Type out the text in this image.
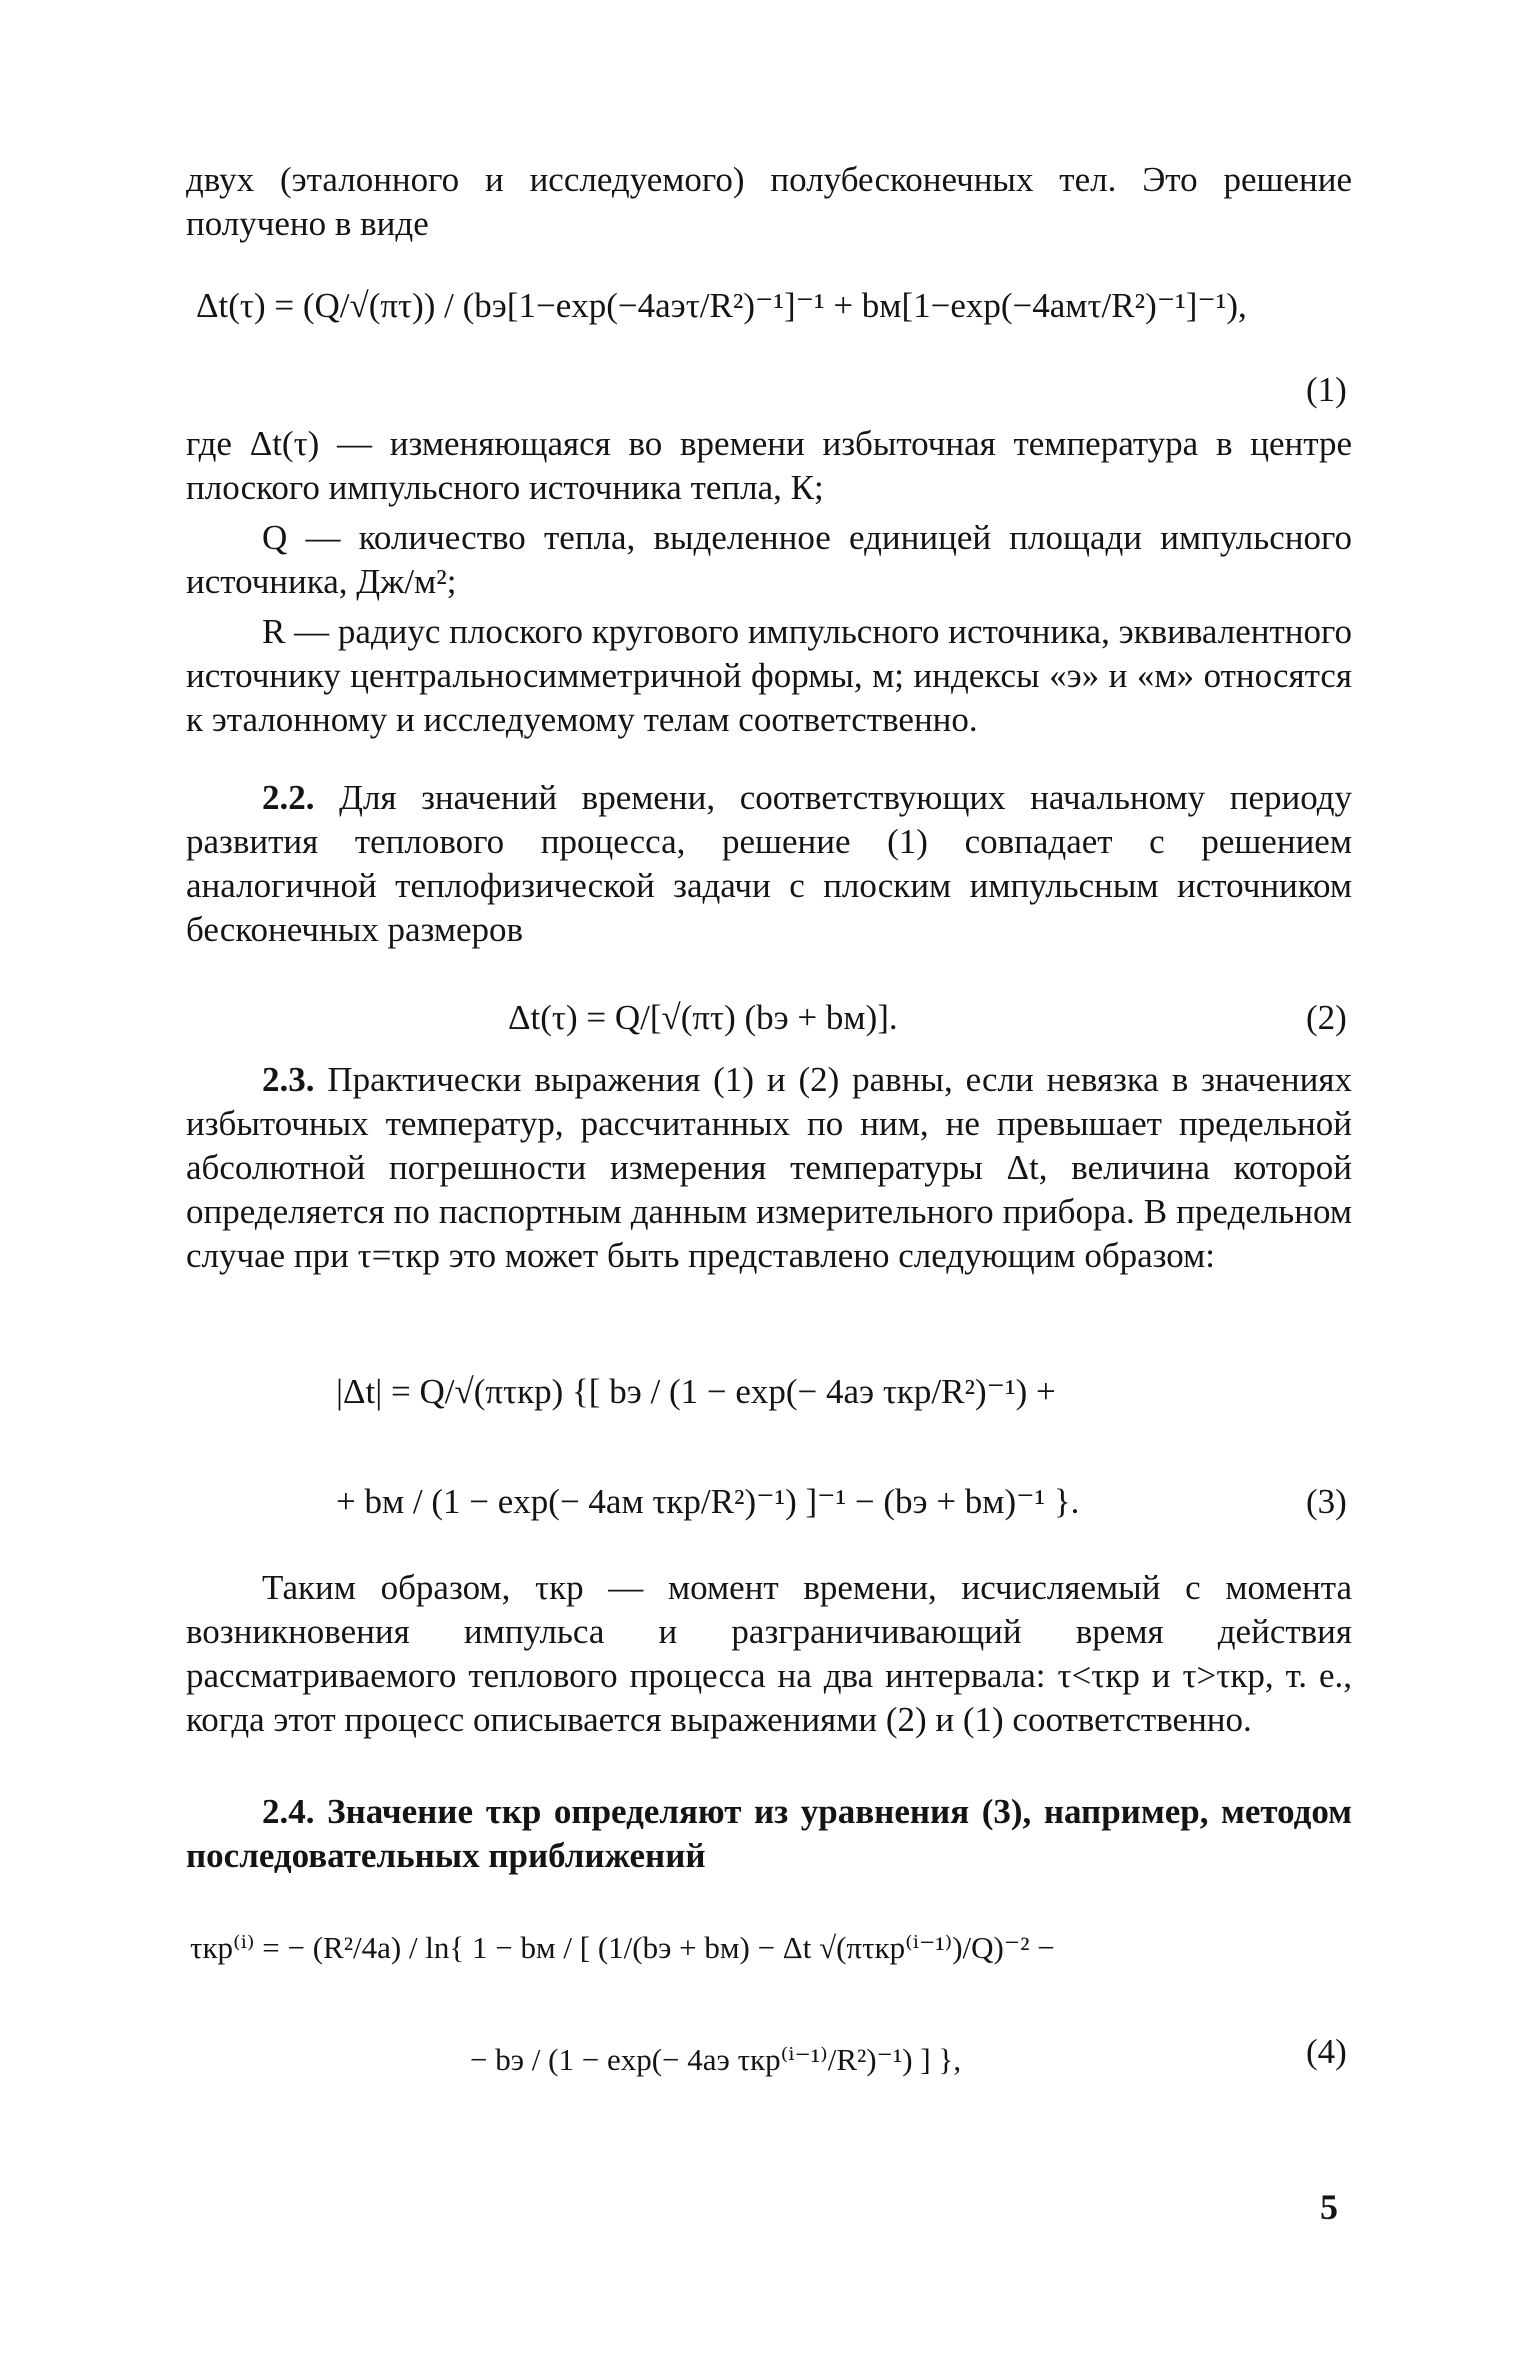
двух (эталонного и исследуемого) полубесконечных тел. Это решение получено в виде

Δt(τ) = (Q/√(πτ)) / (bэ[1−exp(−4aэτ/R²)⁻¹]⁻¹ + bм[1−exp(−4aмτ/R²)⁻¹]⁻¹),
(1)

где Δt(τ) — изменяющаяся во времени избыточная температура в центре плоского импульсного источника тепла, К;

Q — количество тепла, выделенное единицей площади импульсного источника, Дж/м²;

R — радиус плоского кругового импульсного источника, эквивалентного источнику центральносимметричной формы, м; индексы «э» и «м» относятся к эталонному и исследуемому телам соответственно.

2.2. Для значений времени, соответствующих начальному периоду развития теплового процесса, решение (1) совпадает с решением аналогичной теплофизической задачи с плоским импульсным источником бесконечных размеров

Δt(τ) = Q/[√(πτ) (bэ + bм)].	(2)

2.3. Практически выражения (1) и (2) равны, если невязка в значениях избыточных температур, рассчитанных по ним, не превышает предельной абсолютной погрешности измерения температуры Δt, величина которой определяется по паспортным данным измерительного прибора. В предельном случае при τ=τкр это может быть представлено следующим образом:

|Δt| = Q/√(πτкр) {[ bэ / (1 − exp(− 4aэ τкр/R²)⁻¹) +
+ bм / (1 − exp(− 4aм τкр/R²)⁻¹) ]⁻¹ − (bэ + bм)⁻¹ }.	(3)

Таким образом, τкр — момент времени, исчисляемый с момента возникновения импульса и разграничивающий время действия рассматриваемого теплового процесса на два интервала: τ<τкр и τ>τкр, т. е., когда этот процесс описывается выражениями (2) и (1) соответственно.

2.4. Значение τкр определяют из уравнения (3), например, методом последовательных приближений

τкр⁽ⁱ⁾ = − (R²/4a) / ln{ 1 − bм / [ (1/(bэ + bм) − Δt √(πτкр⁽ⁱ⁻¹⁾)/Q)⁻² −
− bэ / (1 − exp(− 4aэ τкр⁽ⁱ⁻¹⁾/R²)⁻¹) ] },	(4)
5
